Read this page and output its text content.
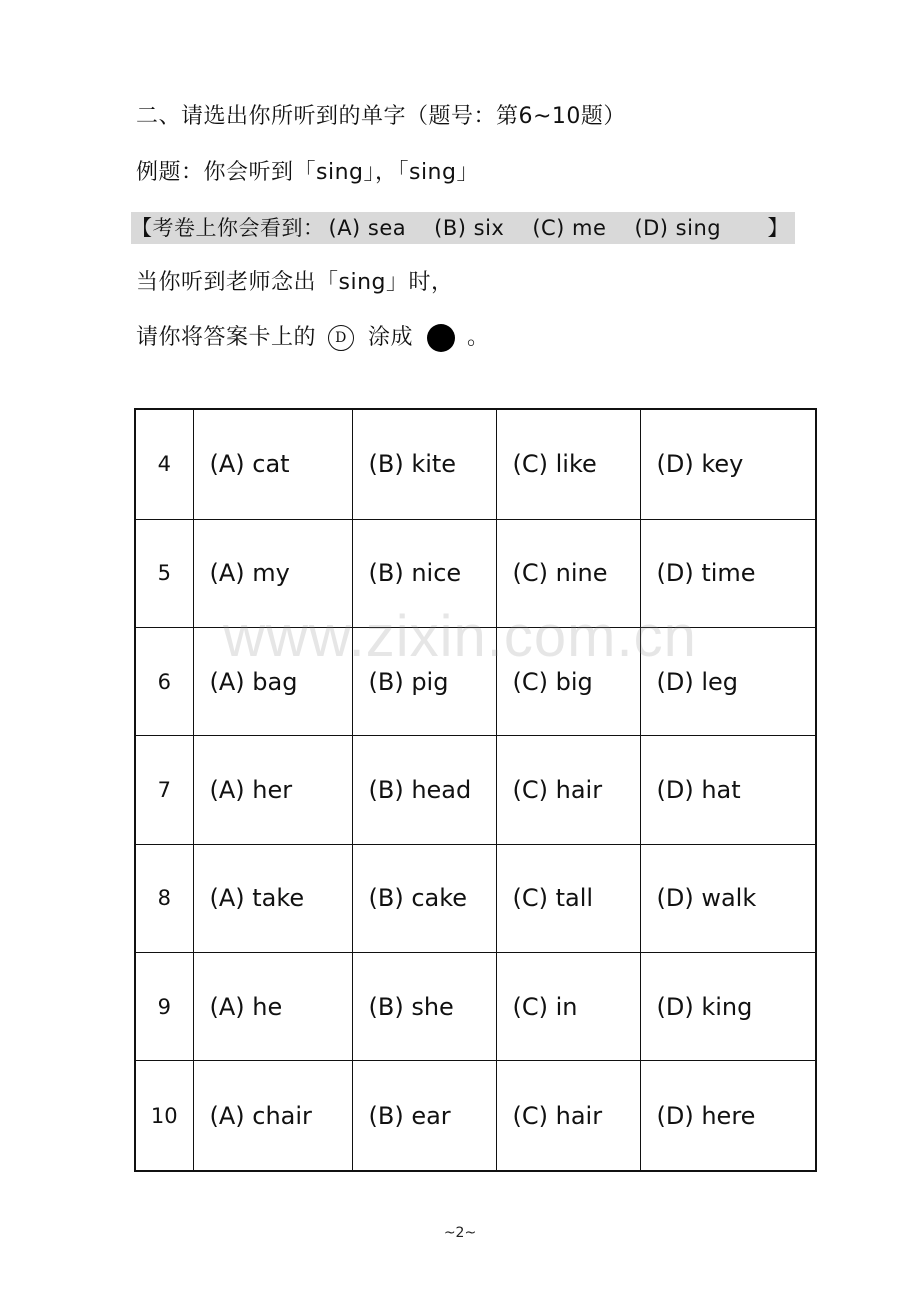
二、请选出你所听到的单字（题号：第6~10题）
例题：你会听到「sing」，「sing」
【考卷上你会看到： (A) sea (B) six (C) me (D) sing 】
当你听到老师念出「sing」时，
请你将答案卡上的	D 涂成 。
4	(A) cat	(B) kite	(C) like	(D) key
5	(A) my	(B) nice	(C) nine	(D) time
6	(A) bag	(B) pig	(C) big	(D) leg
7	(A) her	(B) head	(C) hair	(D) hat
8	(A) take	(B) cake	(C) tall	(D) walk
9	(A) he	(B) she	(C) in	(D) king
10	(A) chair	(B) ear	(C) hair	(D) here
www.zixin.com.cn
~2~
